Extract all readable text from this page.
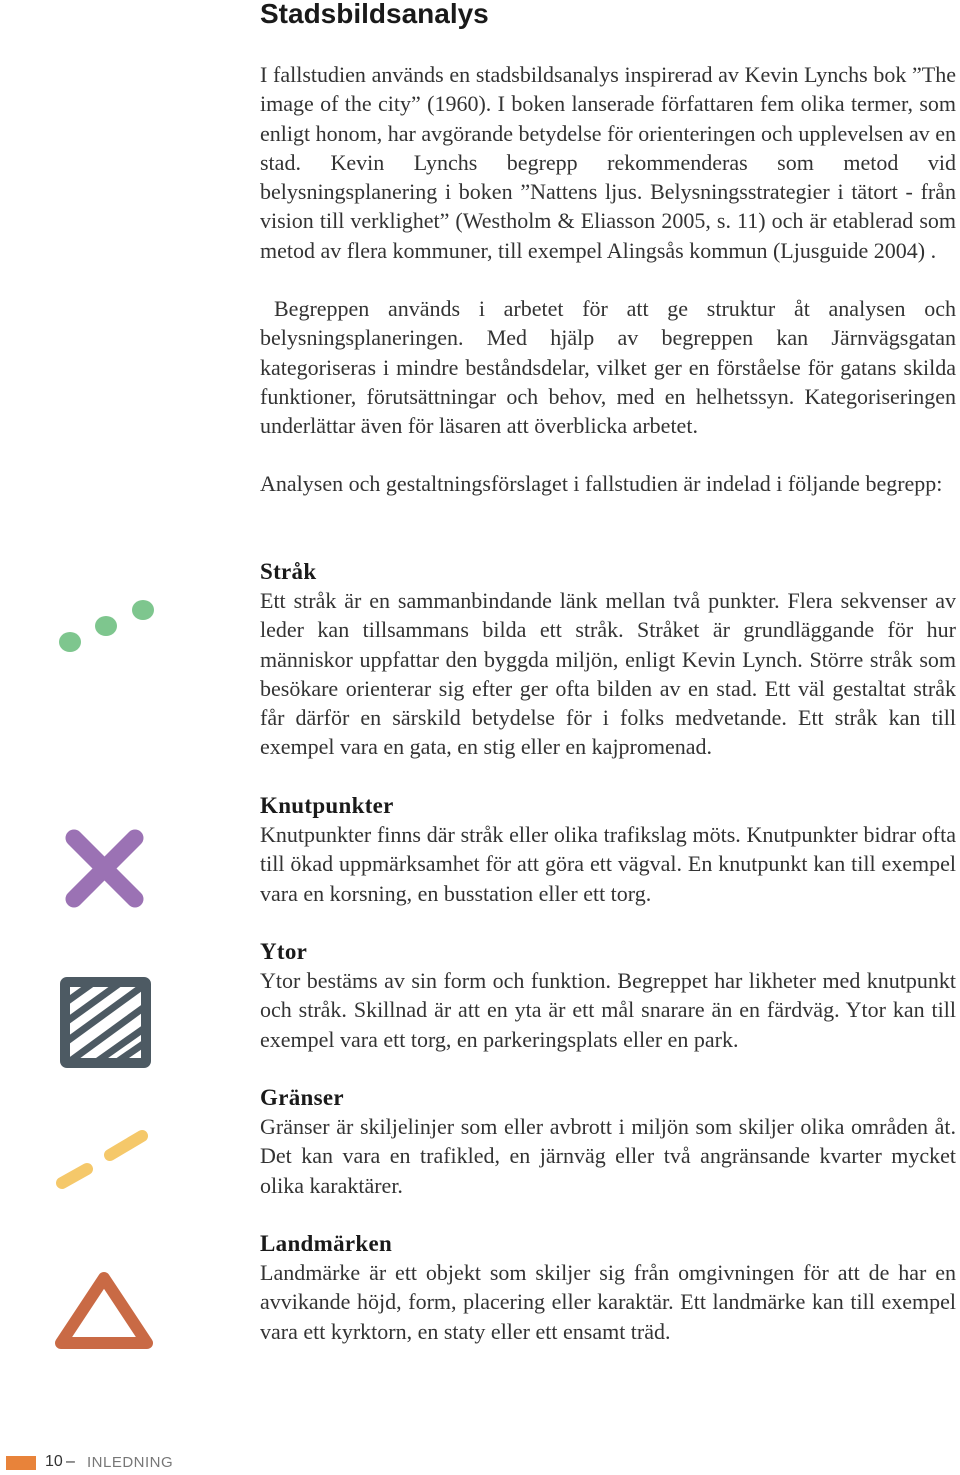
Stadsbildsanalys

I fallstudien används en stadsbildsanalys inspirerad av Kevin Lynchs bok ”The image of the city” (1960). I boken lanserade författaren fem olika termer, som enligt honom, har avgörande betydelse för orienteringen och upplevelsen av en stad. Kevin Lynchs begrepp rekommenderas som metod vid belysningsplanering i boken ”Nattens ljus. Belysningsstrategier i tätort - från vision till verklighet” (Westholm & Eliasson 2005, s. 11) och är etablerad som metod av flera kommuner, till exempel Alingsås kommun (Ljusguide 2004) .

Begreppen används i arbetet för att ge struktur åt analysen och belysningsplaneringen. Med hjälp av begreppen kan Järnvägsgatan kategoriseras i mindre beståndsdelar, vilket ger en förståelse för gatans skilda funktioner, förutsättningar och behov, med en helhetssyn. Kategoriseringen underlättar även för läsaren att överblicka arbetet.

Analysen och gestaltningsförslaget i fallstudien är indelad i följande begrepp:

Stråk

Ett stråk är en sammanbindande länk mellan två punkter. Flera sekvenser av leder kan tillsammans bilda ett stråk. Stråket är grundläggande för hur människor uppfattar den byggda miljön, enligt Kevin Lynch. Större stråk som besökare orienterar sig efter ger ofta bilden av en stad. Ett väl gestaltat stråk får därför en särskild betydelse för i folks medvetande. Ett stråk kan till exempel vara en gata, en stig eller en kajpromenad.

Knutpunkter

Knutpunkter finns där stråk eller olika trafikslag möts. Knutpunkter bidrar ofta till ökad uppmärksamhet för att göra ett vägval. En knutpunkt kan till exempel vara en korsning, en busstation eller ett torg.

Ytor

Ytor bestäms av sin form och funktion. Begreppet har likheter med knutpunkt och stråk. Skillnad är att en yta är ett mål snarare än en färdväg. Ytor kan till exempel vara ett torg, en parkeringsplats eller en park.

Gränser

Gränser är skiljelinjer som eller avbrott i miljön som skiljer olika områden åt. Det kan vara en trafikled, en järnväg eller två angränsande kvarter mycket olika karaktärer.

Landmärken

Landmärke är ett objekt som skiljer sig från omgivningen för att de har en avvikande höjd, form, placering eller karaktär. Ett landmärke kan till exempel vara ett kyrktorn, en staty eller ett ensamt träd.

10 – INLEDNING
